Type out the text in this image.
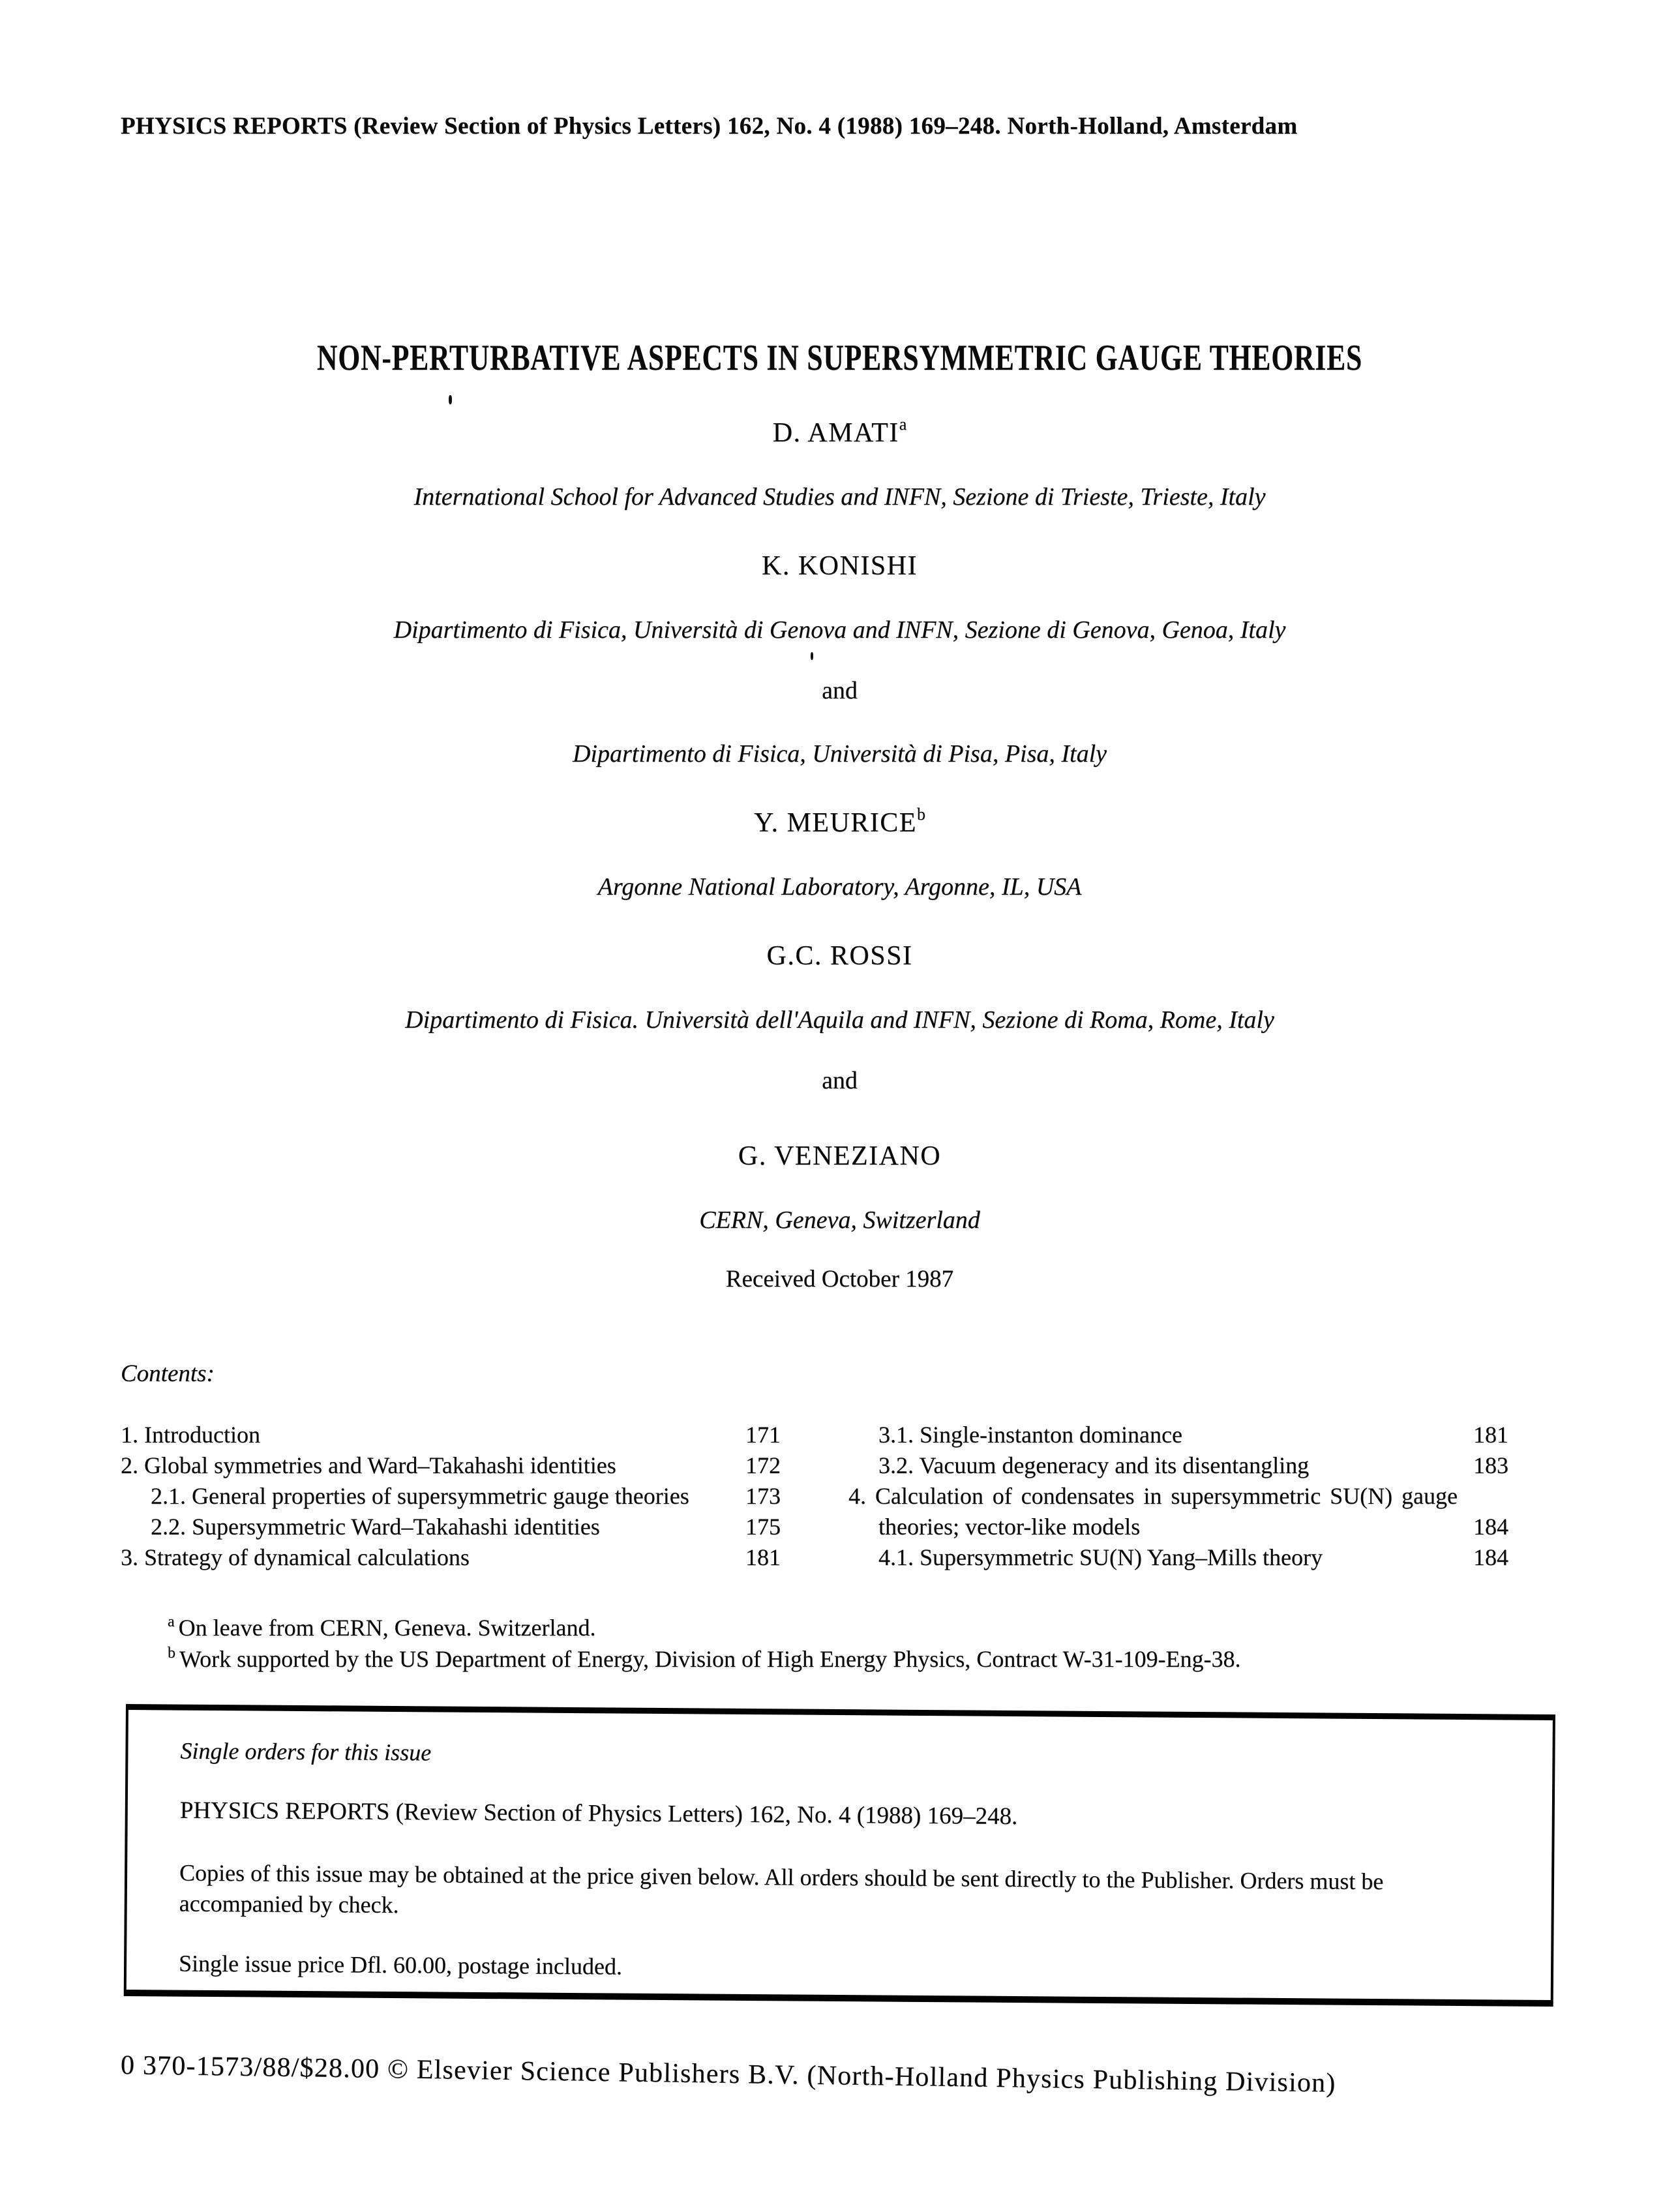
PHYSICS REPORTS (Review Section of Physics Letters) 162, No. 4 (1988) 169–248. North-Holland, Amsterdam
NON-PERTURBATIVE ASPECTS IN SUPERSYMMETRIC GAUGE THEORIES
D. AMATI$^a$
International School for Advanced Studies and INFN, Sezione di Trieste, Trieste, Italy
K. KONISHI
Dipartimento di Fisica, Università di Genova and INFN, Sezione di Genova, Genoa, Italy
and
Dipartimento di Fisica, Università di Pisa, Pisa, Italy
Y. MEURICE$^b$
Argonne National Laboratory, Argonne, IL, USA
G.C. ROSSI
Dipartimento di Fisica. Università dell'Aquila and INFN, Sezione di Roma, Rome, Italy
and
G. VENEZIANO
CERN, Geneva, Switzerland
Received October 1987
Contents:
1. Introduction	171
2. Global symmetries and Ward–Takahashi identities	172
2.1. General properties of supersymmetric gauge theories	173
2.2. Supersymmetric Ward–Takahashi identities	175
3. Strategy of dynamical calculations	181
3.1. Single-instanton dominance	181
3.2. Vacuum degeneracy and its disentangling	183
4. Calculation of condensates in supersymmetric SU(N) gauge theories; vector-like models	184
4.1. Supersymmetric SU(N) Yang–Mills theory	184
$^a$ On leave from CERN, Geneva. Switzerland.
$^b$ Work supported by the US Department of Energy, Division of High Energy Physics, Contract W-31-109-Eng-38.
Single orders for this issue
PHYSICS REPORTS (Review Section of Physics Letters) 162, No. 4 (1988) 169–248.
Copies of this issue may be obtained at the price given below. All orders should be sent directly to the Publisher. Orders must be accompanied by check.
Single issue price Dfl. 60.00, postage included.
0 370-1573/88/$28.00 © Elsevier Science Publishers B.V. (North-Holland Physics Publishing Division)
